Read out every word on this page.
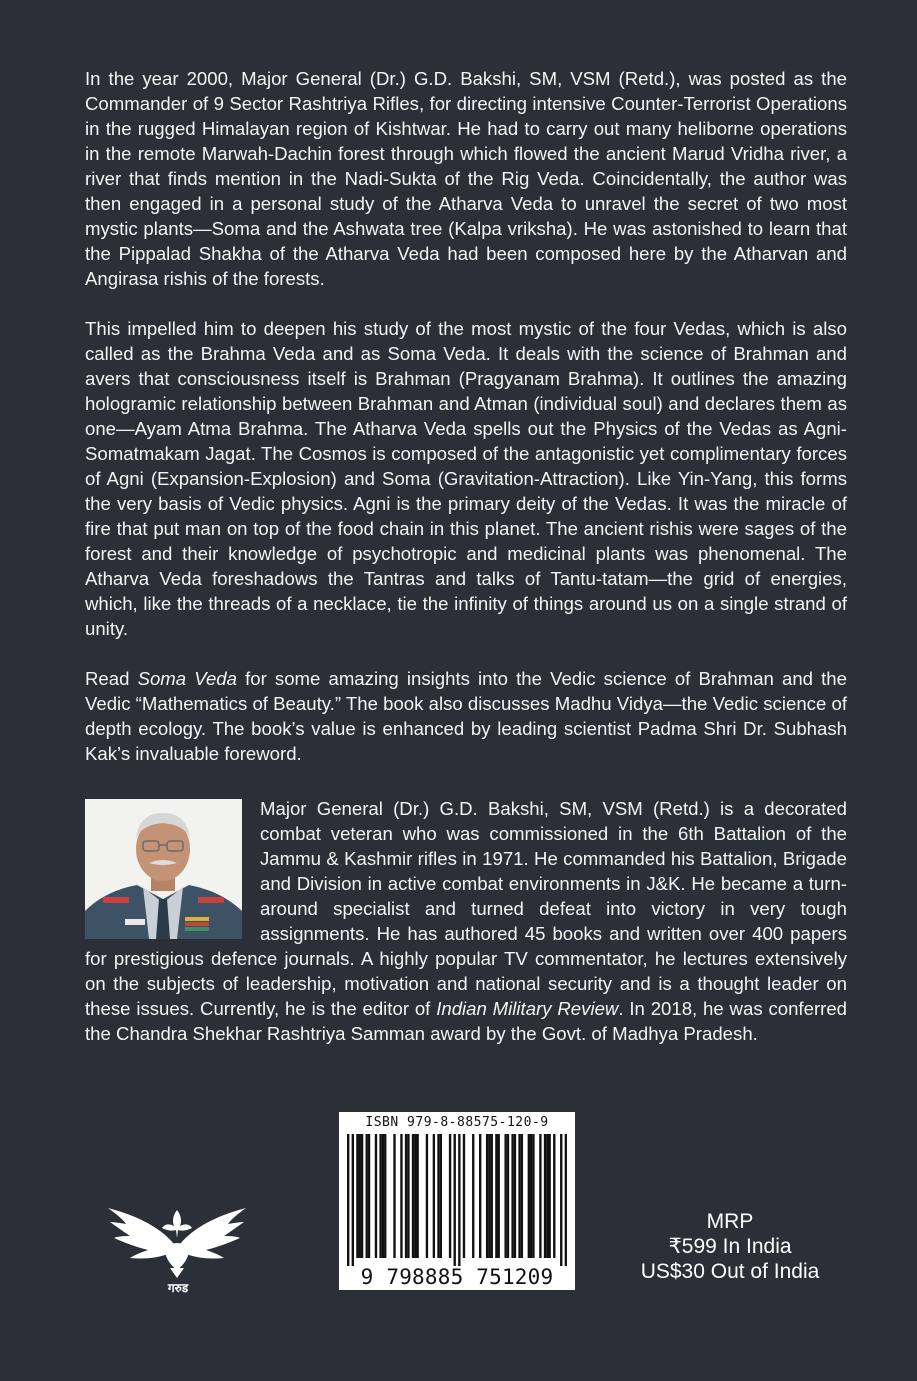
In the year 2000, Major General (Dr.) G.D. Bakshi, SM, VSM (Retd.), was posted as the Commander of 9 Sector Rashtriya Rifles, for directing intensive Counter-Terrorist Operations in the rugged Himalayan region of Kishtwar. He had to carry out many heliborne operations in the remote Marwah-Dachin forest through which flowed the ancient Marud Vridha river, a river that finds mention in the Nadi-Sukta of the Rig Veda. Coincidentally, the author was then engaged in a personal study of the Atharva Veda to unravel the secret of two most mystic plants—Soma and the Ashwata tree (Kalpa vriksha). He was astonished to learn that the Pippalad Shakha of the Atharva Veda had been composed here by the Atharvan and Angirasa rishis of the forests.

This impelled him to deepen his study of the most mystic of the four Vedas, which is also called as the Brahma Veda and as Soma Veda. It deals with the science of Brahman and avers that consciousness itself is Brahman (Pragyanam Brahma). It outlines the amazing hologramic relationship between Brahman and Atman (individual soul) and declares them as one—Ayam Atma Brahma. The Atharva Veda spells out the Physics of the Vedas as Agni-Somatmakam Jagat. The Cosmos is composed of the antagonistic yet complimentary forces of Agni (Expansion-Explosion) and Soma (Gravitation-Attraction). Like Yin-Yang, this forms the very basis of Vedic physics. Agni is the primary deity of the Vedas. It was the miracle of fire that put man on top of the food chain in this planet. The ancient rishis were sages of the forest and their knowledge of psychotropic and medicinal plants was phenomenal. The Atharva Veda foreshadows the Tantras and talks of Tantu-tatam—the grid of energies, which, like the threads of a necklace, tie the infinity of things around us on a single strand of unity.

Read Soma Veda for some amazing insights into the Vedic science of Brahman and the Vedic “Mathematics of Beauty.” The book also discusses Madhu Vidya—the Vedic science of depth ecology. The book’s value is enhanced by leading scientist Padma Shri Dr. Subhash Kak’s invaluable foreword.

Major General (Dr.) G.D. Bakshi, SM, VSM (Retd.) is a decorated combat veteran who was commissioned in the 6th Battalion of the Jammu & Kashmir rifles in 1971. He commanded his Battalion, Brigade and Division in active combat environments in J&K. He became a turn-around specialist and turned defeat into victory in very tough assignments. He has authored 45 books and written over 400 papers for prestigious defence journals. A highly popular TV commentator, he lectures extensively on the subjects of leadership, motivation and national security and is a thought leader on these issues. Currently, he is the editor of Indian Military Review. In 2018, he was conferred the Chandra Shekhar Rashtriya Samman award by the Govt. of Madhya Pradesh.

ISBN 979-8-88575-120-9
9 798885 751209
गरुड
MRP
₹599 In India
US$30 Out of India
